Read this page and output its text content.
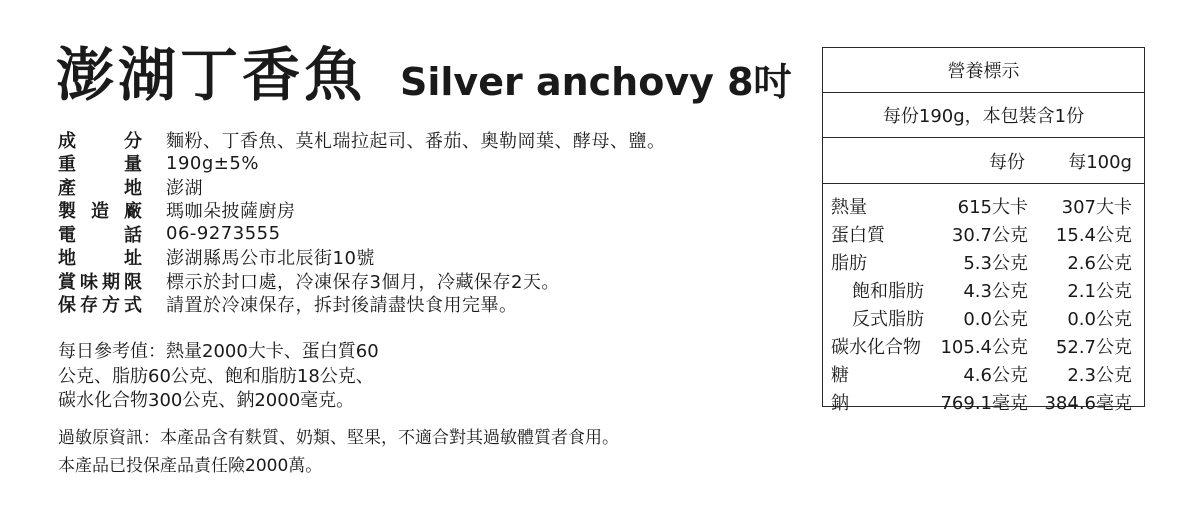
澎湖丁香魚 Silver anchovy 8吋
成	分 麵粉、丁香魚、莫札瑞拉起司、番茄、奧勒岡葉、酵母、鹽。
重	量 190g±5%
產	地 澎湖
製 造 廠 瑪咖朵披薩廚房
電	話 06-9273555
地	址 澎湖縣馬公市北辰街10號
賞 味 期 限 標示於封口處，冷凍保存3個月，冷藏保存2天。
保 存 方 式 請置於冷凍保存，拆封後請盡快食用完畢。
每日參考值：熱量2000大卡、蛋白質60
公克、脂肪60公克、飽和脂肪18公克、
碳水化合物300公克、鈉2000毫克。
過敏原資訊：本產品含有麩質、奶類、堅果，不適合對其過敏體質者食用。
本產品已投保產品責任險2000萬。
營養標示
每份190g，本包裝含1份
每份	每100g
熱量	615大卡	307大卡
蛋白質	30.7公克	15.4公克
脂肪	5.3公克	2.6公克
飽和脂肪	4.3公克	2.1公克
反式脂肪	0.0公克	0.0公克
碳水化合物	105.4公克	52.7公克
糖	4.6公克	2.3公克
鈉	769.1毫克 384.6毫克
